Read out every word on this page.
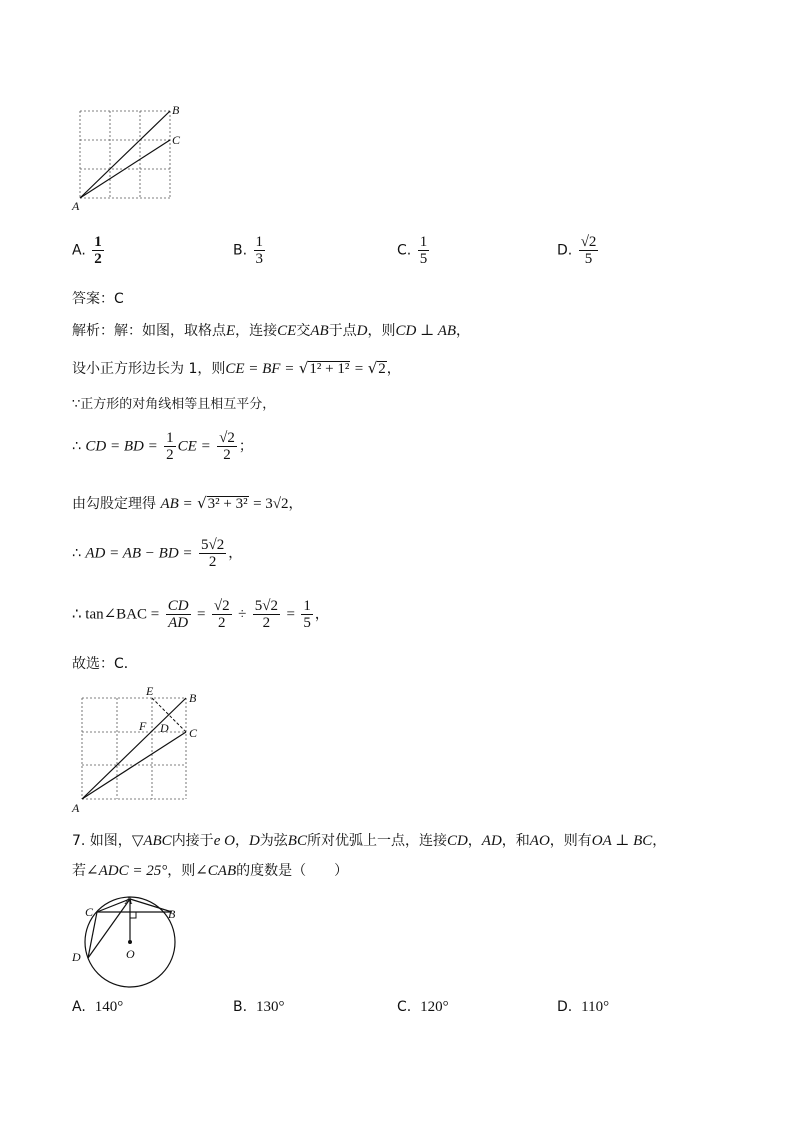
A
B
C
A. $\frac{1}{2}$	B. $\frac{1}{3}$	C. $\frac{1}{5}$	D. $\frac{√2}{5}$
答案：C
解析：解：如图，取格点E，连接CE交AB于点D，则CD ⊥ AB，
设小正方形边长为 1，则CE = BF = √1² + 1² = √2，
∵正方形的对角线相等且相互平分，
∴ CD = BD = $\frac{1}{2}$ CE = $\frac{√2}{2}$ ；
由勾股定理得 AB = √3² + 3² = 3√2，
∴ AD = AB − BD = $\frac{5√2}{2}$ ，
∴ tan∠BAC = $\frac{CD}{AD} = \frac{√2}{2} \div \frac{5√2}{2} = \frac{1}{5}$ ，
故选：C．
A
B
C
D
E
F
7. 如图，▽ABC内接于e O，D为弦BC所对优弧上一点，连接CD，AD，和AO，则有OA ⊥ BC，
若∠ADC = 25°，则∠CAB的度数是（　　）
A
B
C
D	O
A. 140°	B. 130°	C. 120°	D. 110°
